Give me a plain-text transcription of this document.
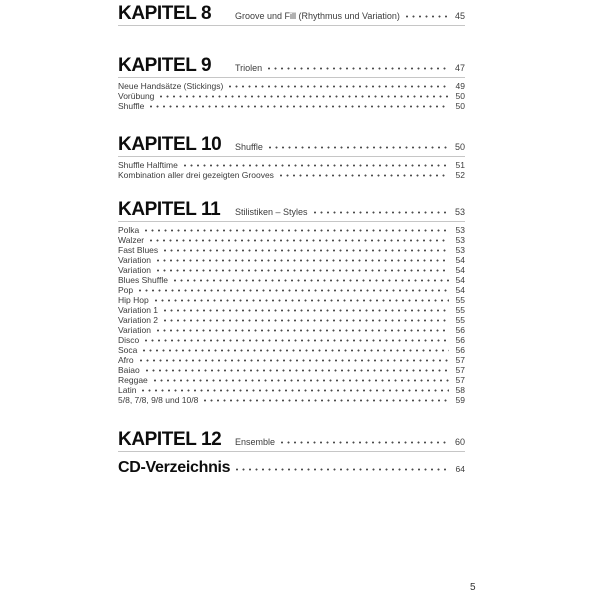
KAPITEL 8	Groove und Fill (Rhythmus und Variation)	45
KAPITEL 9	Triolen	47
Neue Handsätze (Stickings)	49
Vorübung	50
Shuffle	50
KAPITEL 10	Shuffle	50
Shuffle Halftime	51
Kombination aller drei gezeigten Grooves	52
KAPITEL 11	Stilistiken – Styles	53
Polka	53
Walzer	53
Fast Blues	53
Variation	54
Variation	54
Blues Shuffle	54
Pop	54
Hip Hop	55
Variation 1	55
Variation 2	55
Variation	56
Disco	56
Soca	56
Afro	57
Baiao	57
Reggae	57
Latin	58
5/8, 7/8, 9/8 und 10/8	59
KAPITEL 12	Ensemble	60
CD-Verzeichnis	64
5
